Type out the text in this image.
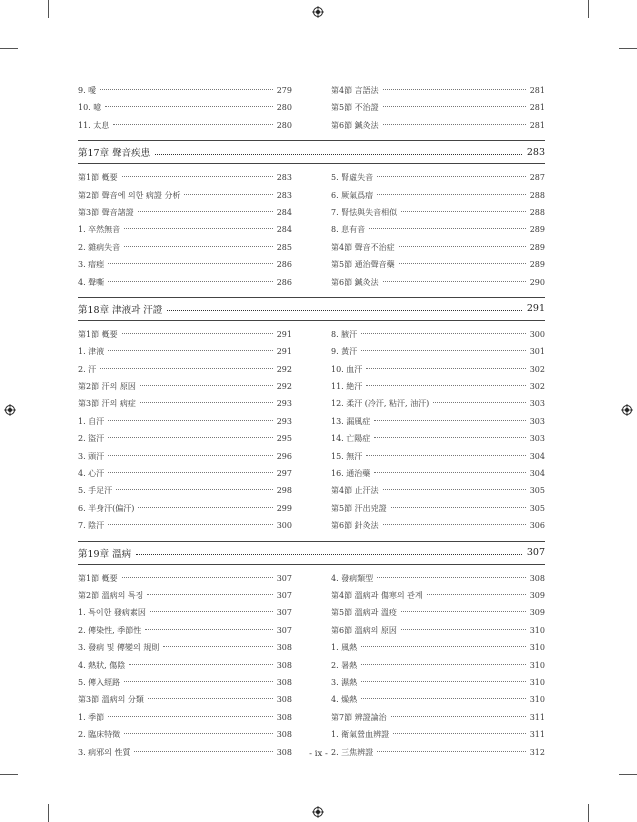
9. 噯	279
10. 噫	280
11. 太息	280
第4節 言語法	281
第5節 不治證	281
第6節 鍼灸法	281
第17章 聲音疾患	283
第1節 槪要	283
第2節 聲音에 의한 病證 分析	283
第3節 聲音諸證	284
1. 卒然無音	284
2. 雜病失音	285
3. 瘖瘂	286
4. 聲嘶	286
5. 腎虛失音	287
6. 厥氣爲瘖	288
7. 腎怯與失音相似	288
8. 息有音	289
第4節 聲音不治症	289
第5節 通治聲音藥	289
第6節 鍼灸法	290
第18章 津液과 汗證	291
第1節 槪要	291
1. 津液	291
2. 汗	292
第2節 汗의 原因	292
第3節 汗의 病症	293
1. 自汗	293
2. 盜汗	295
3. 頭汗	296
4. 心汗	297
5. 手足汗	298
6. 半身汗(偏汗)	299
7. 陰汗	300
8. 腋汗	300
9. 黃汗	301
10. 血汗	302
11. 絶汗	302
12. 柔汗 (冷汗, 粘汗, 油汗)	303
13. 漏風症	303
14. 亡陽症	303
15. 無汗	304
16. 通治藥	304
第4節 止汗法	305
第5節 汗出兇證	305
第6節 針灸法	306
第19章 溫病	307
第1節 槪要	307
第2節 溫病의 특징	307
1. 특이한 發病素因	307
2. 傳染性, 季節性	307
3. 發病 및 傳變의 規則	308
4. 熱狀, 傷陰	308
5. 傳入經路	308
第3節 溫病의 分類	308
1. 季節	308
2. 臨床特徵	308
3. 病邪의 性質	308
4. 發病類型	308
第4節 溫病과 傷寒의 관계	309
第5節 溫病과 溫疫	309
第6節 溫病의 原因	310
1. 風熱	310
2. 暑熱	310
3. 濕熱	310
4. 燥熱	310
第7節 辨證論治	311
1. 衛氣營血辨證	311
2. 三焦辨證	312
- ix -
